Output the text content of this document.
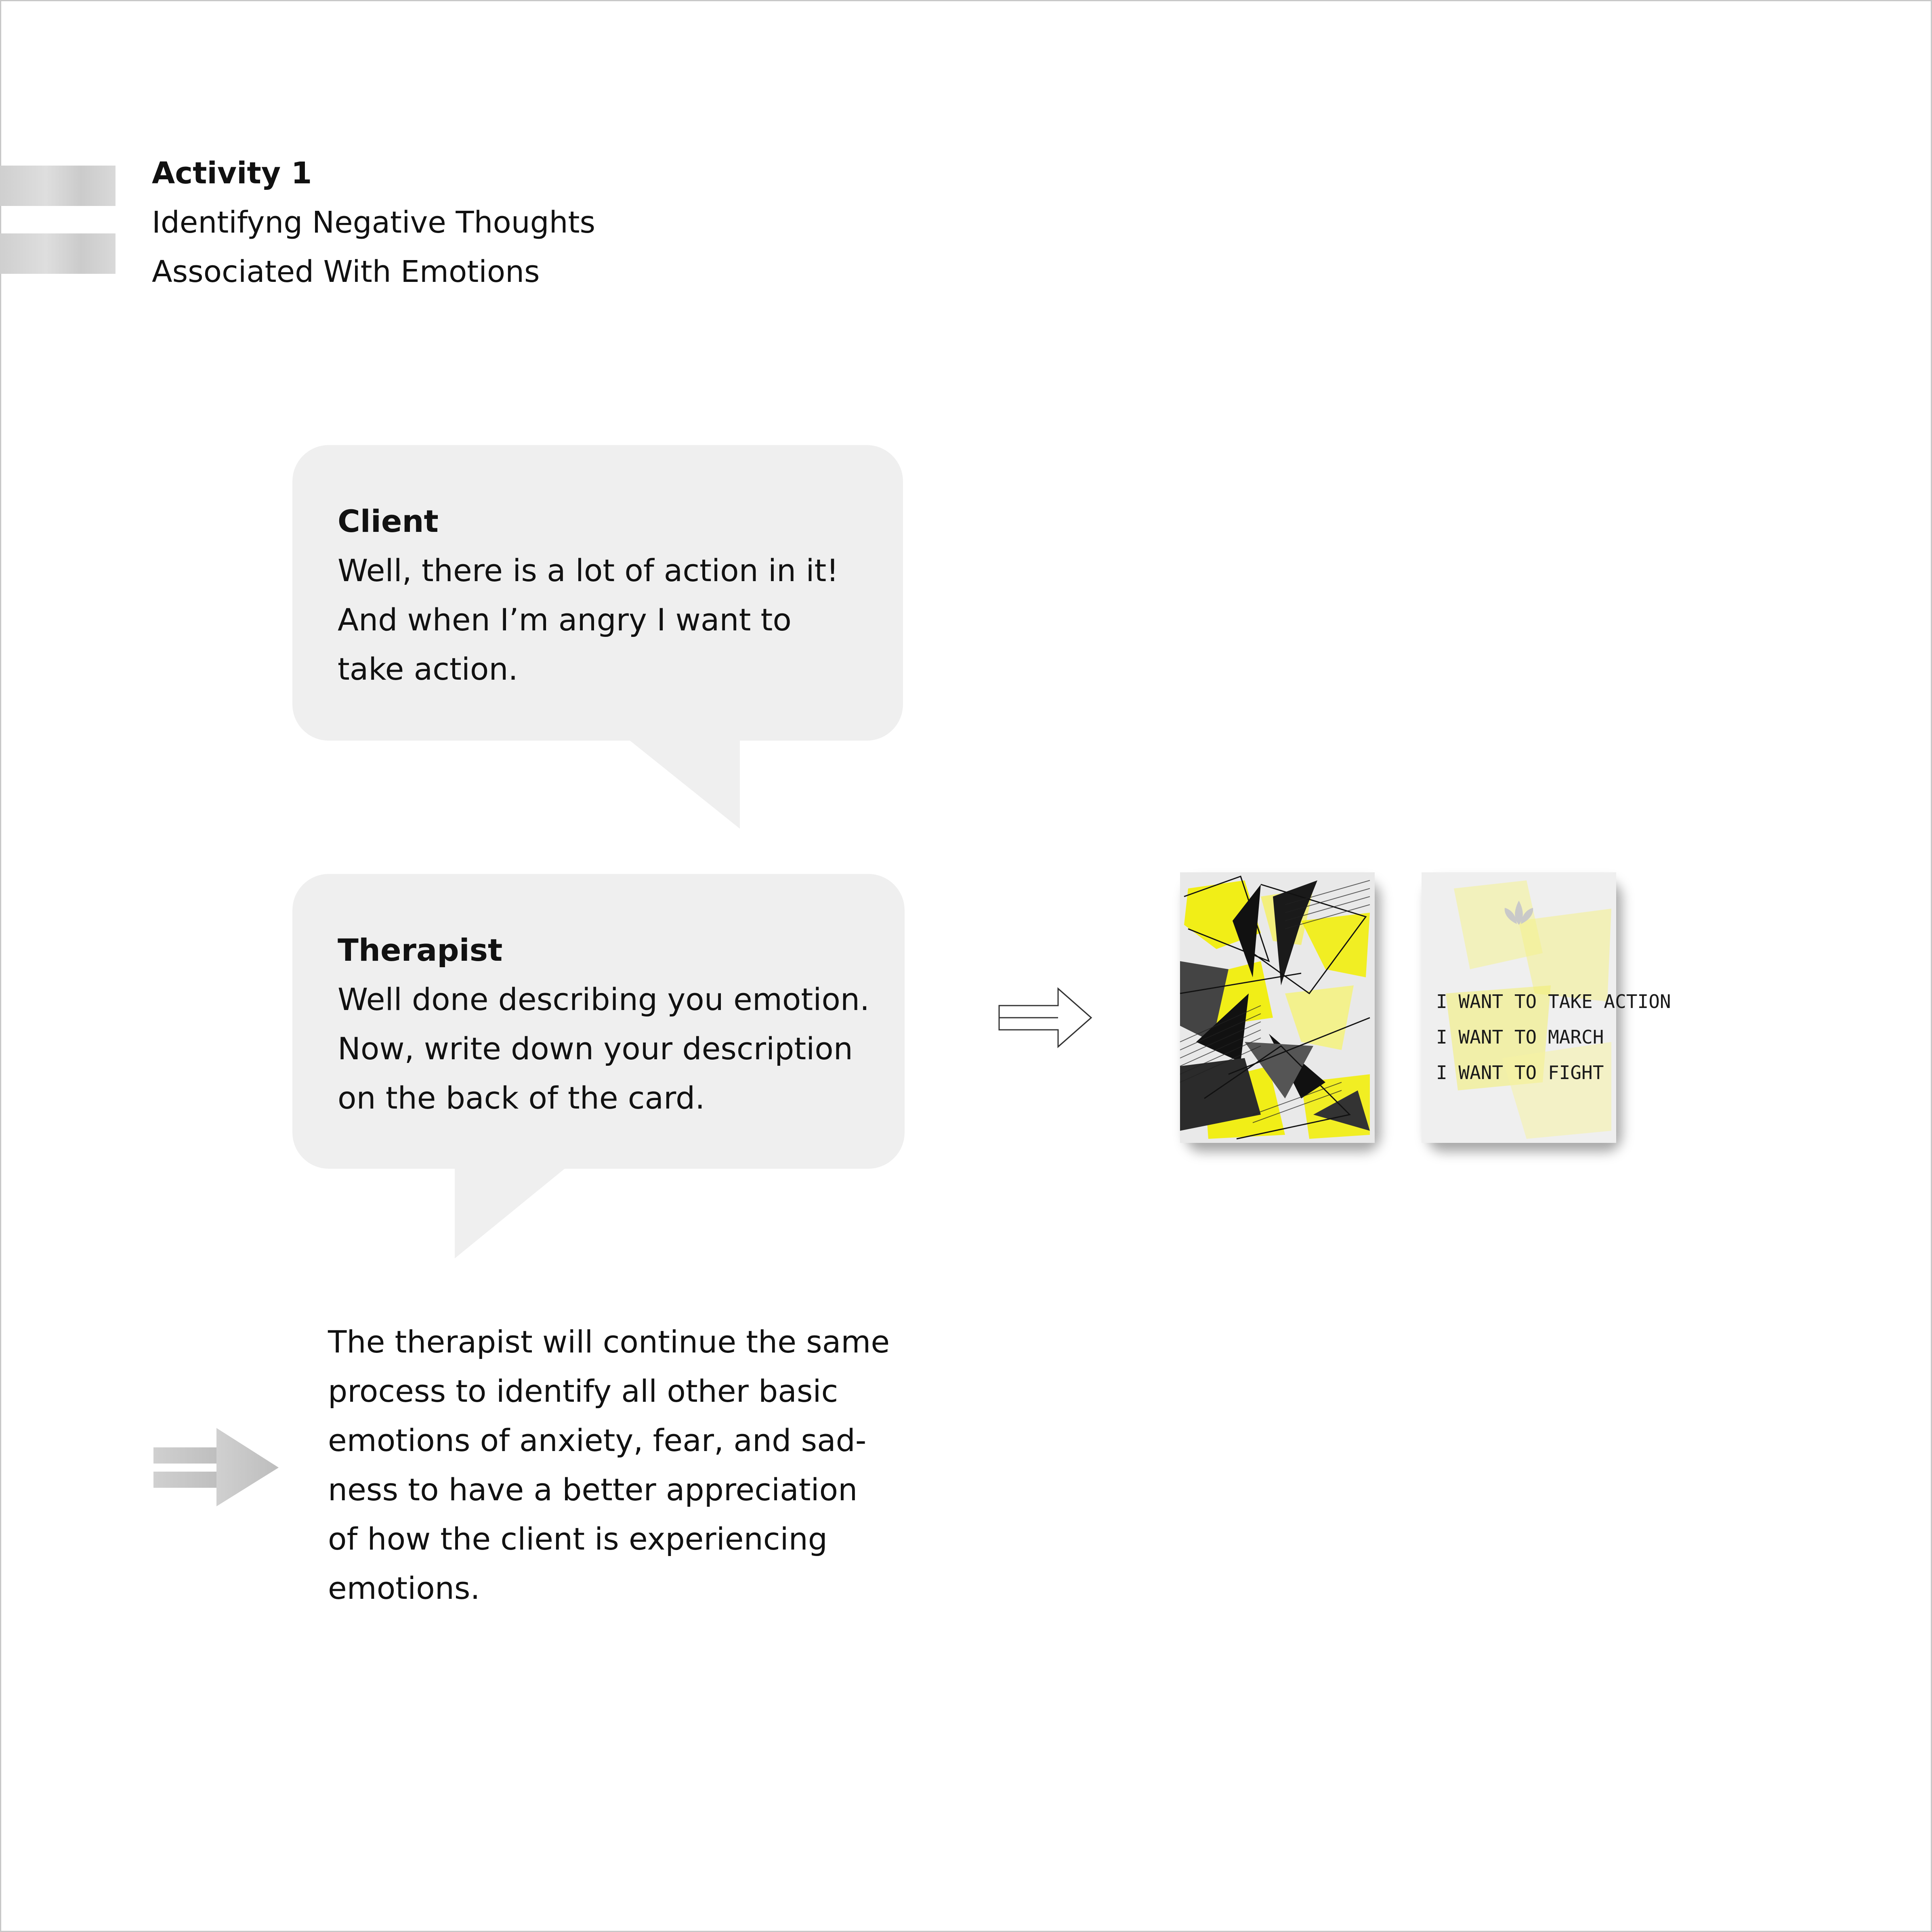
Activity 1
Identifyng Negative Thoughts
Associated With Emotions
Client
Well, there is a lot of action in it!
And when I’m angry I want to
take action.
Therapist
Well done describing you emotion.
Now, write down your description
on the back of the card.
I WANT TO TAKE ACTION
I WANT TO MARCH
I WANT TO FIGHT
The therapist will continue the same
process to identify all other basic
emotions of anxiety, fear, and sad-
ness to have a better appreciation
of how the client is experiencing
emotions.
